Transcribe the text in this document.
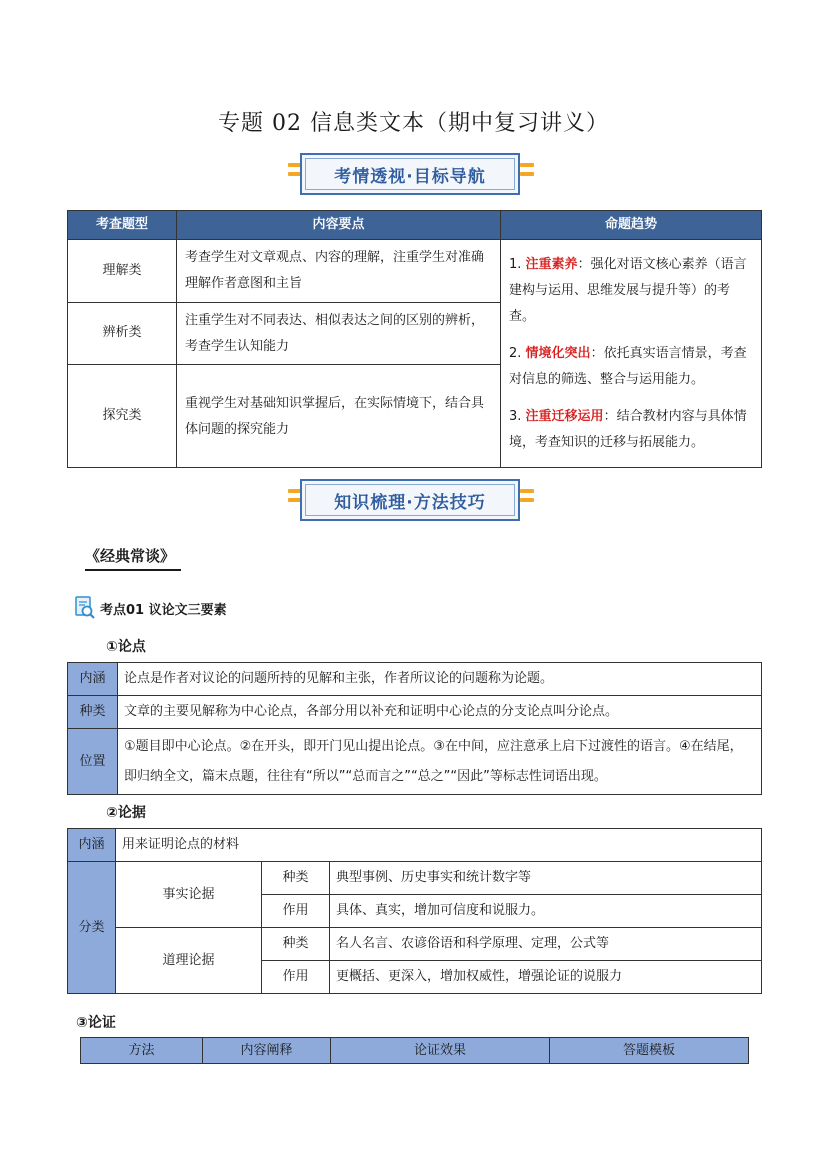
专题 02 信息类文本（期中复习讲义）
考情透视·目标导航
考查题型	内容要点	命题趋势
理解类	考查学生对文章观点、内容的理解，注重学生对准确理解作者意图和主旨	1. 注重素养：强化对语文核心素养（语言建构与运用、思维发展与提升等）的考查。

2. 情境化突出：依托真实语言情景，考查对信息的筛选、整合与运用能力。

3. 注重迁移运用：结合教材内容与具体情境，考查知识的迁移与拓展能力。

辨析类	注重学生对不同表达、相似表达之间的区别的辨析，考查学生认知能力	
探究类	重视学生对基础知识掌握后，在实际情境下，结合具体问题的探究能力	
知识梳理·方法技巧
《经典常谈》
考点01 议论文三要素
①论点
内涵	论点是作者对议论的问题所持的见解和主张，作者所议论的问题称为论题。
种类	文章的主要见解称为中心论点，各部分用以补充和证明中心论点的分支论点叫分论点。
位置	①题目即中心论点。②在开头，即开门见山提出论点。③在中间，应注意承上启下过渡性的语言。④在结尾，即归纳全文，篇末点题，往往有“所以”“总而言之”“总之”“因此”等标志性词语出现。
②论据
内涵	用来证明论点的材料		
分类	事实论据	种类	典型事例、历史事实和统计数字等
		作用	具体、真实，增加可信度和说服力。
	道理论据	种类	名人名言、农谚俗语和科学原理、定理，公式等
		作用	更概括、更深入，增加权威性，增强论证的说服力
③论证
方法	内容阐释	论证效果	答题模板
